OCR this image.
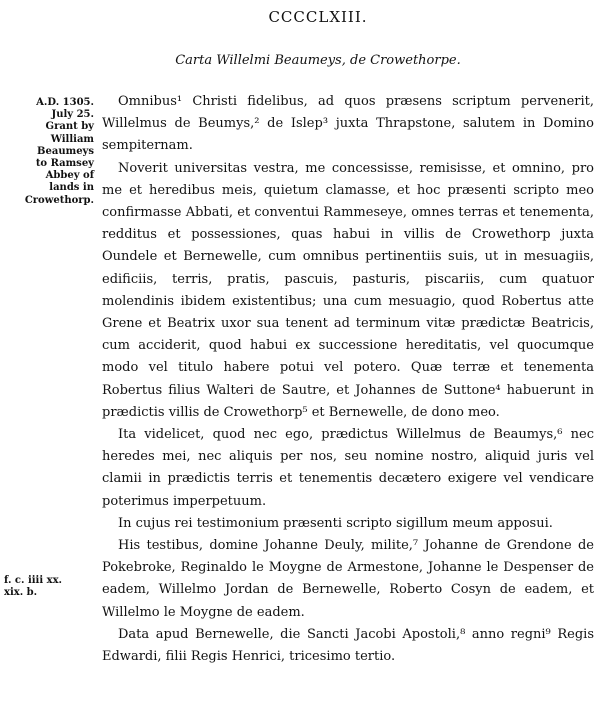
CCCCLXIII.
Carta Willelmi Beaumeys, de Crowethorpe.
A.D. 1305.
July 25.
Grant by
William
Beaumeys
to Ramsey
Abbey of
lands in
Crowethorp.
f. c. iiii xx.
xix. b.

Omnibus¹ Christi fidelibus, ad quos præsens scriptum pervenerit, Willelmus de Beumys,² de Islep³ juxta Thrapstone, salutem in Domino sempiternam.

Noverit universitas vestra, me concessisse, remisisse, et omnino, pro me et heredibus meis, quietum clamasse, et hoc præsenti scripto meo confirmasse Abbati, et conventui Rammeseye, omnes terras et tenementa, redditus et possessiones, quas habui in villis de Crowethorp juxta Oundele et Bernewelle, cum omnibus pertinentiis suis, ut in mesuagiis, edificiis, terris, pratis, pascuis, pasturis, piscariis, cum quatuor molendinis ibidem existentibus; una cum mesuagio, quod Robertus atte Grene et Beatrix uxor sua tenent ad terminum vitæ prædictæ Beatricis, cum acciderit, quod habui ex successione hereditatis, vel quocumque modo vel titulo habere potui vel potero. Quæ terræ et tenementa Robertus filius Walteri de Sautre, et Johannes de Suttone⁴ habuerunt in prædictis villis de Crowethorp⁵ et Bernewelle, de dono meo.

Ita videlicet, quod nec ego, prædictus Willelmus de Beaumys,⁶ nec heredes mei, nec aliquis per nos, seu nomine nostro, aliquid juris vel clamii in prædictis terris et tenementis decætero exigere vel vendicare poterimus imperpetuum.

In cujus rei testimonium præsenti scripto sigillum meum apposui.

His testibus, domine Johanne Deuly, milite,⁷ Johanne de Grendone de Pokebroke, Reginaldo le Moygne de Armestone, Johanne le Despenser de eadem, Willelmo Jordan de Bernewelle, Roberto Cosyn de eadem, et Willelmo le Moygne de eadem.

Data apud Bernewelle, die Sancti Jacobi Apostoli,⁸ anno regni⁹ Regis Edwardi, filii Regis Henrici, tricesimo tertio.
